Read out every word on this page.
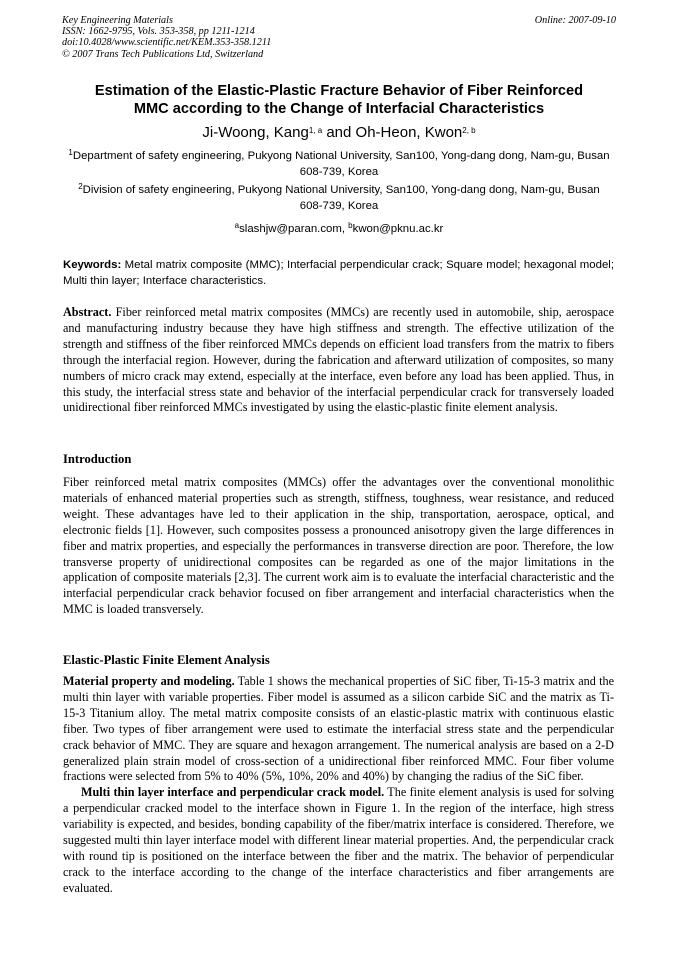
Key Engineering Materials
ISSN: 1662-9795, Vols. 353-358, pp 1211-1214
doi:10.4028/www.scientific.net/KEM.353-358.1211
© 2007 Trans Tech Publications Ltd, Switzerland
Online: 2007-09-10
Estimation of the Elastic-Plastic Fracture Behavior of Fiber Reinforced
MMC according to the Change of Interfacial Characteristics
Ji-Woong, Kang$^{1, a}$ and Oh-Heon, Kwon$^{2, b}$
$^1$Department of safety engineering, Pukyong National University, San100, Yong-dang dong, Nam-gu, Busan 608-739, Korea
$^2$Division of safety engineering, Pukyong National University, San100, Yong-dang dong, Nam-gu, Busan 608-739, Korea
$^a$slashjw@paran.com, $^b$kwon@pknu.ac.kr
Keywords: Metal matrix composite (MMC); Interfacial perpendicular crack; Square model; hexagonal model; Multi thin layer; Interface characteristics.
Abstract. Fiber reinforced metal matrix composites (MMCs) are recently used in automobile, ship, aerospace and manufacturing industry because they have high stiffness and strength. The effective utilization of the strength and stiffness of the fiber reinforced MMCs depends on efficient load transfers from the matrix to fibers through the interfacial region. However, during the fabrication and afterward utilization of composites, so many numbers of micro crack may extend, especially at the interface, even before any load has been applied. Thus, in this study, the interfacial stress state and behavior of the interfacial perpendicular crack for transversely loaded unidirectional fiber reinforced MMCs investigated by using the elastic-plastic finite element analysis.
Introduction
Fiber reinforced metal matrix composites (MMCs) offer the advantages over the conventional monolithic materials of enhanced material properties such as strength, stiffness, toughness, wear resistance, and reduced weight. These advantages have led to their application in the ship, transportation, aerospace, optical, and electronic fields [1]. However, such composites possess a pronounced anisotropy given the large differences in fiber and matrix properties, and especially the performances in transverse direction are poor. Therefore, the low transverse property of unidirectional composites can be regarded as one of the major limitations in the application of composite materials [2,3]. The current work aim is to evaluate the interfacial characteristic and the interfacial perpendicular crack behavior focused on fiber arrangement and interfacial characteristics when the MMC is loaded transversely.
Elastic-Plastic Finite Element Analysis
Material property and modeling. Table 1 shows the mechanical properties of SiC fiber, Ti-15-3 matrix and the multi thin layer with variable properties. Fiber model is assumed as a silicon carbide SiC and the matrix as Ti-15-3 Titanium alloy. The metal matrix composite consists of an elastic-plastic matrix with continuous elastic fiber. Two types of fiber arrangement were used to estimate the interfacial stress state and the perpendicular crack behavior of MMC. They are square and hexagon arrangement. The numerical analysis are based on a 2-D generalized plain strain model of cross-section of a unidirectional fiber reinforced MMC. Four fiber volume fractions were selected from 5% to 40% (5%, 10%, 20% and 40%) by changing the radius of the SiC fiber.
Multi thin layer interface and perpendicular crack model. The finite element analysis is used for solving a perpendicular cracked model to the interface shown in Figure 1. In the region of the interface, high stress variability is expected, and besides, bonding capability of the fiber/matrix interface is considered. Therefore, we suggested multi thin layer interface model with different linear material properties. And, the perpendicular crack with round tip is positioned on the interface between the fiber and the matrix. The behavior of perpendicular crack to the interface according to the change of the interface characteristics and fiber arrangements are evaluated.
